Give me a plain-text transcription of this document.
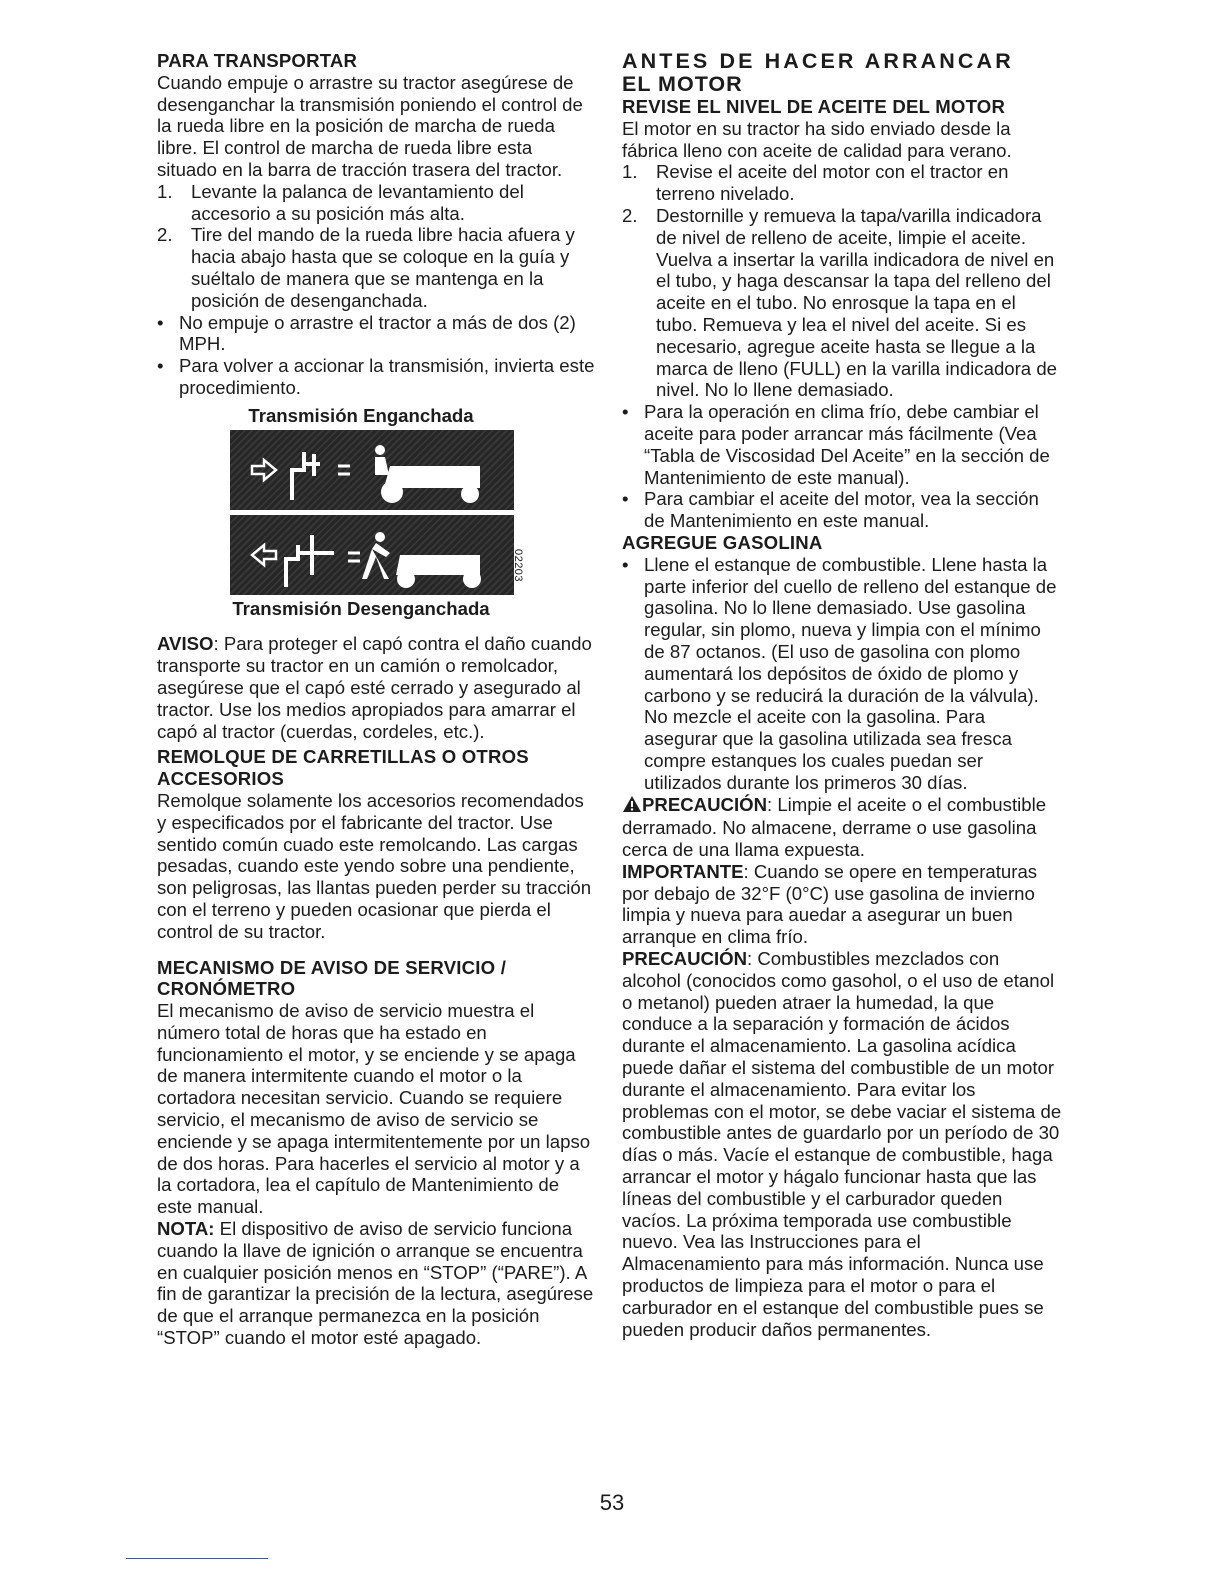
PARA TRANSPORTAR

Cuando empuje o arrastre su tractor asegúrese de desenganchar la transmisión poniendo el control de la rueda libre en la posición de marcha de rueda libre. El control de marcha de rueda libre esta situado en la barra de tracción trasera del tractor.

1. Levante la palanca de levantamiento del accesorio a su posición más alta.
2. Tire del mando de la rueda libre hacia afuera y hacia abajo hasta que se coloque en la guía y suéltalo de manera que se mantenga en la posición de desenganchada.
• No empuje o arrastre el tractor a más de dos (2) MPH.
• Para volver a accionar la transmisión, invierta este procedimiento.

Transmisión Enganchada

02203

Transmisión Desenganchada

AVISO: Para proteger el capó contra el daño cuando transporte su tractor en un camión o remolcador, asegúrese que el capó esté cerrado y asegurado al tractor. Use los medios apropiados para amarrar el capó al tractor (cuerdas, cordeles, etc.).

REMOLQUE DE CARRETILLAS O OTROS ACCESORIOS

Remolque solamente los accesorios recomendados y especificados por el fabricante del tractor. Use sentido común cuado este remolcando. Las cargas pesadas, cuando este yendo sobre una pendiente, son peligrosas, las llantas pueden perder su tracción con el terreno y pueden ocasionar que pierda el control de su tractor.

MECANISMO DE AVISO DE SERVICIO / CRONÓMETRO

El mecanismo de aviso de servicio muestra el número total de horas que ha estado en funcionamiento el motor, y se enciende y se apaga de manera intermitente cuando el motor o la cortadora necesitan servicio. Cuando se requiere servicio, el mecanismo de aviso de servicio se enciende y se apaga intermitentemente por un lapso de dos horas. Para hacerles el servicio al motor y a la cortadora, lea el capítulo de Mantenimiento de este manual.

NOTA: El dispositivo de aviso de servicio funciona cuando la llave de ignición o arranque se encuentra en cualquier posición menos en “STOP” (“PARE”). A fin de garantizar la precisión de la lectura, asegúrese de que el arranque permanezca en la posición “STOP” cuando el motor esté apagado.

ANTES DE HACER ARRANCAR

EL MOTOR

REVISE EL NIVEL DE ACEITE DEL MOTOR

El motor en su tractor ha sido enviado desde la fábrica lleno con aceite de calidad para verano.

1. Revise el aceite del motor con el tractor en terreno nivelado.
2. Destornille y remueva la tapa/varilla indicadora de nivel de relleno de aceite, limpie el aceite. Vuelva a insertar la varilla indicadora de nivel en el tubo, y haga descansar la tapa del relleno del aceite en el tubo. No enrosque la tapa en el tubo. Remueva y lea el nivel del aceite. Si es necesario, agregue aceite hasta se llegue a la marca de lleno (FULL) en la varilla indicadora de nivel. No lo llene demasiado.
• Para la operación en clima frío, debe cambiar el aceite para poder arrancar más fácilmente (Vea “Tabla de Viscosidad Del Aceite” en la sección de Mantenimiento de este manual).
• Para cambiar el aceite del motor, vea la sección de Mantenimiento en este manual.

AGREGUE GASOLINA

• Llene el estanque de combustible. Llene hasta la parte inferior del cuello de relleno del estanque de gasolina. No lo llene demasiado. Use gasolina regular, sin plomo, nueva y limpia con el mínimo de 87 octanos. (El uso de gasolina con plomo aumentará los depósitos de óxido de plomo y carbono y se reducirá la duración de la válvula). No mezcle el aceite con la gasolina. Para asegurar que la gasolina utilizada sea fresca compre estanques los cuales puedan ser utilizados durante los primeros 30 días.

PRECAUCIÓN: Limpie el aceite o el combustible derramado. No almacene, derrame o use gasolina cerca de una llama expuesta.

IMPORTANTE: Cuando se opere en temperaturas por debajo de 32°F (0°C) use gasolina de invierno limpia y nueva para auedar a asegurar un buen arranque en clima frío.

PRECAUCIÓN: Combustibles mezclados con alcohol (conocidos como gasohol, o el uso de etanol o metanol) pueden atraer la humedad, la que conduce a la separación y formación de ácidos durante el almacenamiento. La gasolina acídica puede dañar el sistema del combustible de un motor durante el almacenamiento. Para evitar los problemas con el motor, se debe vaciar el sistema de combustible antes de guardarlo por un período de 30 días o más. Vacíe el estanque de combustible, haga arrancar el motor y hágalo funcionar hasta que las líneas del combustible y el carburador queden vacíos. La próxima temporada use combustible nuevo. Vea las Instrucciones para el Almacenamiento para más información. Nunca use productos de limpieza para el motor o para el carburador en el estanque del combustible pues se pueden producir daños permanentes.

53
